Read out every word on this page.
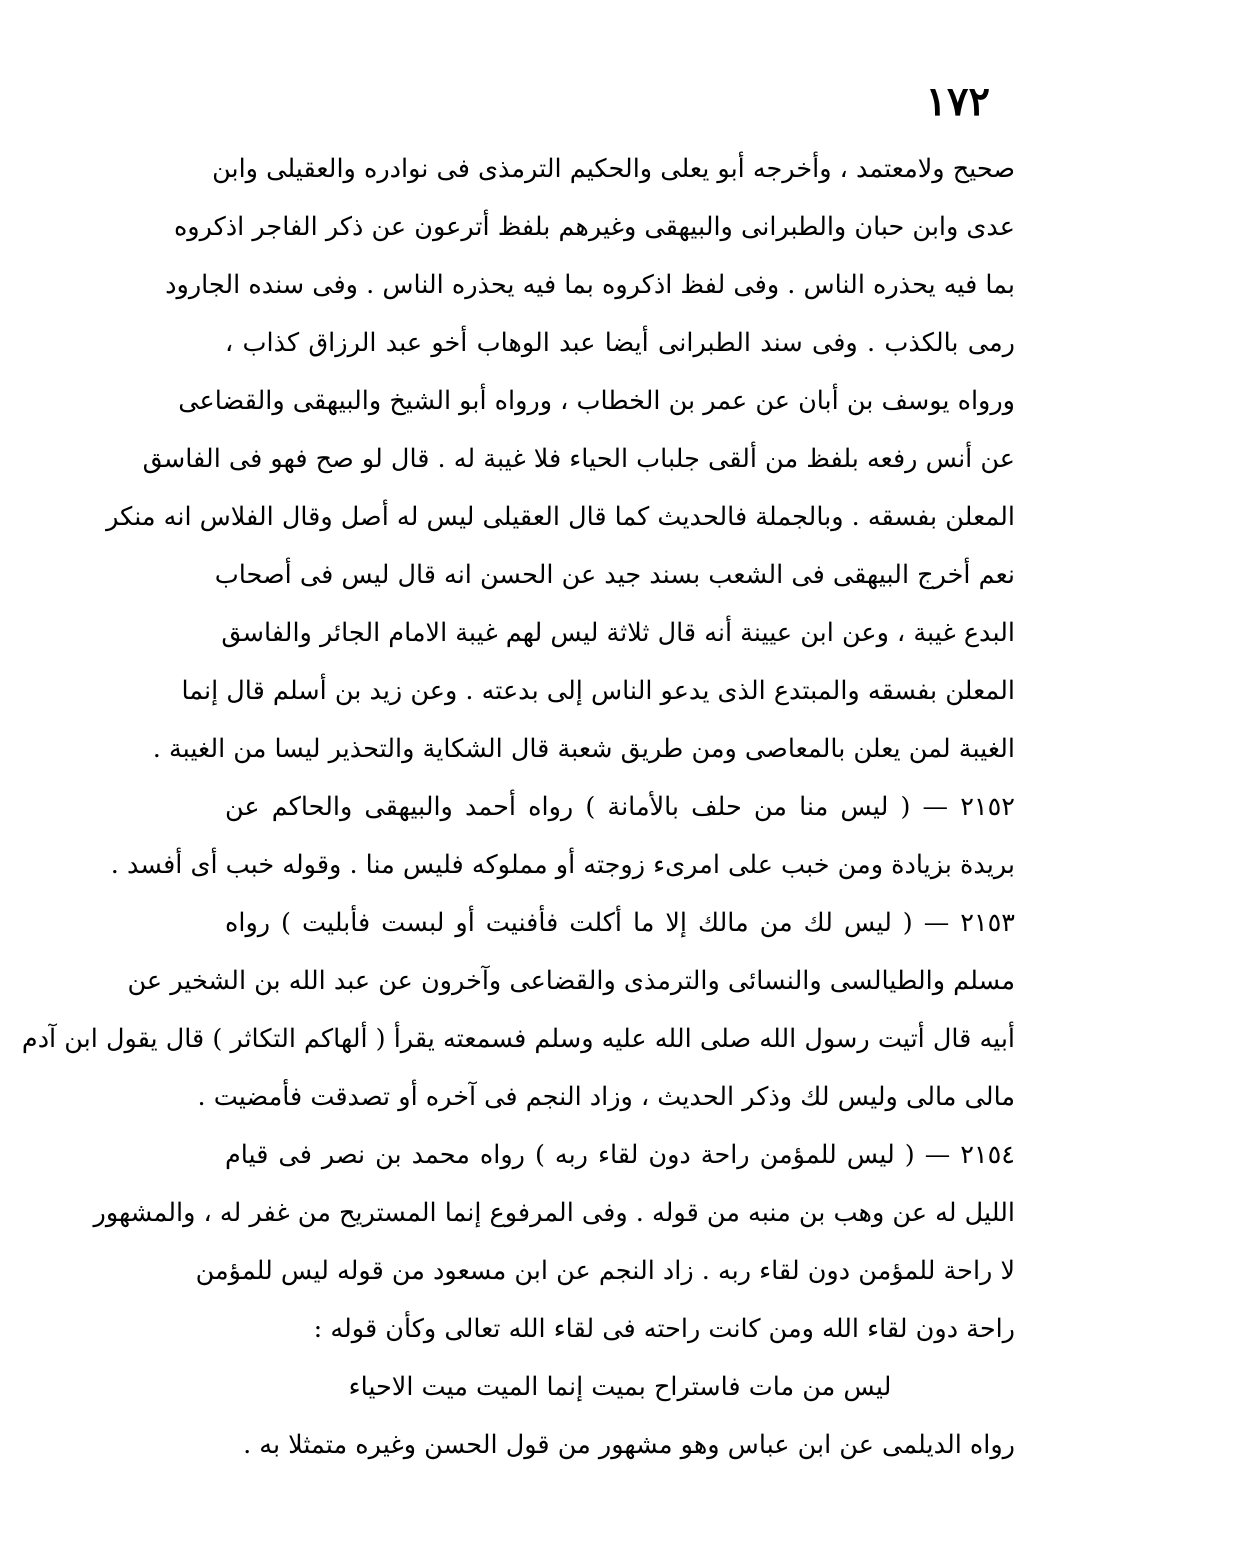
١٧٢
صحيح ولامعتمد ، وأخرجه أبو يعلى والحكيم الترمذى فى نوادره والعقيلى وابن
عدى وابن حبان والطبرانى والبيهقى وغيرهم بلفظ أترعون عن ذكر الفاجر اذكروه
بما فيه يحذره الناس . وفى لفظ اذكروه بما فيه يحذره الناس . وفى سنده الجارود
رمى بالكذب . وفى سند الطبرانى أيضا عبد الوهاب أخو عبد الرزاق كذاب ،
ورواه يوسف بن أبان عن عمر بن الخطاب ، ورواه أبو الشيخ والبيهقى والقضاعى
عن أنس رفعه بلفظ من ألقى جلباب الحياء فلا غيبة له . قال لو صح فهو فى الفاسق
المعلن بفسقه . وبالجملة فالحديث كما قال العقيلى ليس له أصل وقال الفلاس انه منكر
نعم أخرج البيهقى فى الشعب بسند جيد عن الحسن انه قال ليس فى أصحاب
البدع غيبة ، وعن ابن عيينة أنه قال ثلاثة ليس لهم غيبة الامام الجائر والفاسق
المعلن بفسقه والمبتدع الذى يدعو الناس إلى بدعته . وعن زيد بن أسلم قال إنما
الغيبة لمن يعلن بالمعاصى ومن طريق شعبة قال الشكاية والتحذير ليسا من الغيبة .
٢١٥٢ — ( ليس منا من حلف بالأمانة ) رواه أحمد والبيهقى والحاكم عن
بريدة بزيادة ومن خبب على امرىء زوجته أو مملوكه فليس منا . وقوله خبب أى أفسد .
٢١٥٣ — ( ليس لك من مالك إلا ما أكلت فأفنيت أو لبست فأبليت ) رواه
مسلم والطيالسى والنسائى والترمذى والقضاعى وآخرون عن عبد الله بن الشخير عن
أبيه قال أتيت رسول الله صلى الله عليه وسلم فسمعته يقرأ ( ألهاكم التكاثر ) قال يقول ابن آدم
مالى مالى وليس لك وذكر الحديث ، وزاد النجم فى آخره أو تصدقت فأمضيت .
٢١٥٤ — ( ليس للمؤمن راحة دون لقاء ربه ) رواه محمد بن نصر فى قيام
الليل له عن وهب بن منبه من قوله . وفى المرفوع إنما المستريح من غفر له ، والمشهور
لا راحة للمؤمن دون لقاء ربه . زاد النجم عن ابن مسعود من قوله ليس للمؤمن
راحة دون لقاء الله ومن كانت راحته فى لقاء الله تعالى وكأن قوله :
ليس من مات فاستراح بميت إنما الميت ميت الاحياء
رواه الديلمى عن ابن عباس وهو مشهور من قول الحسن وغيره متمثلا به .
